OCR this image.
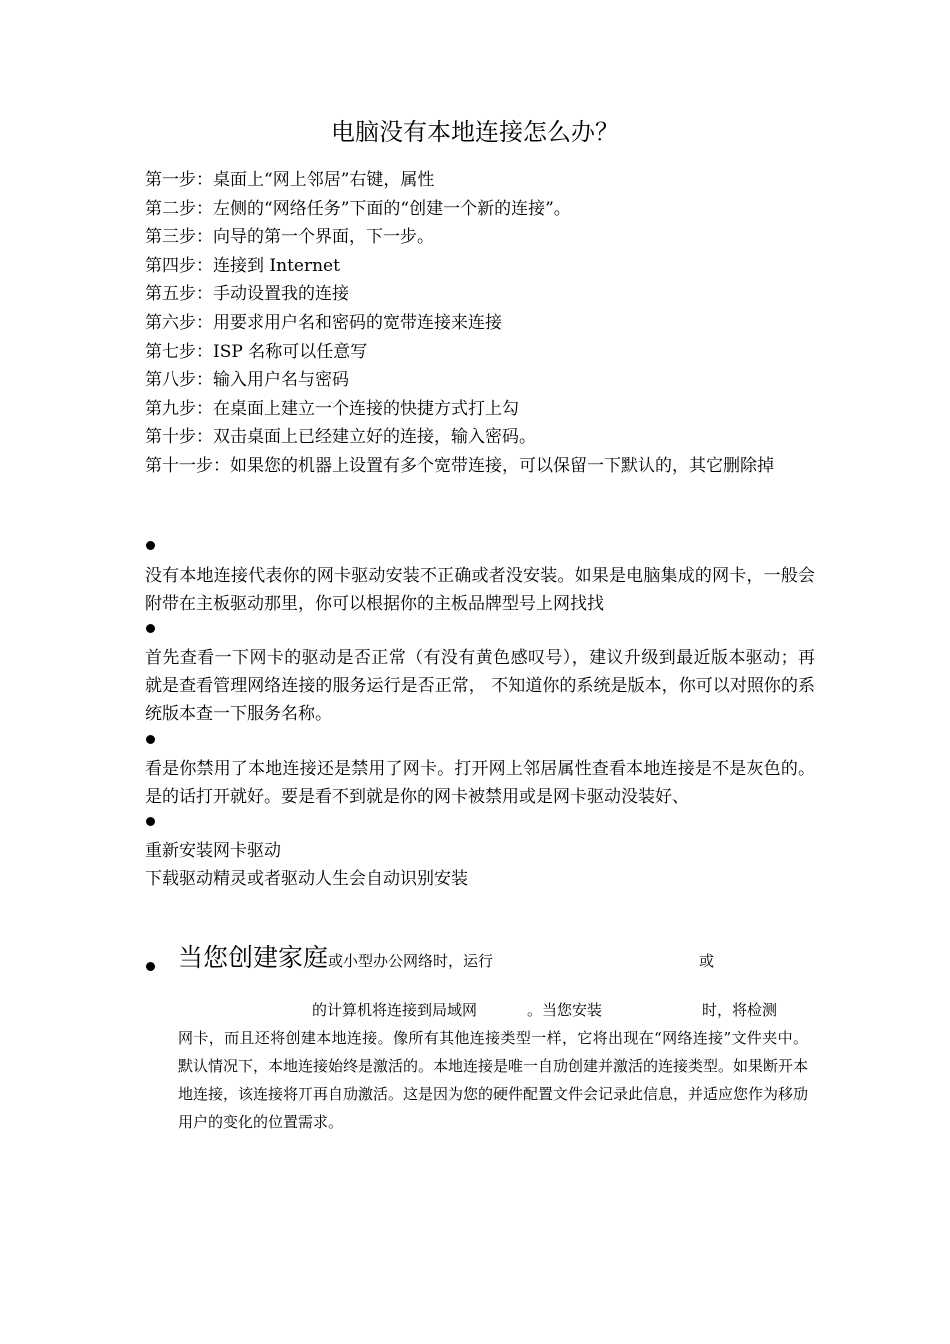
电脑没有本地连接怎么办？
第一步：桌面上“网上邻居”右键，属性
第二步：左侧的“网络任务”下面的“创建一个新的连接”。
第三步：向导的第一个界面，下一步。
第四步：连接到 Internet
第五步：手动设置我的连接
第六步：用要求用户名和密码的宽带连接来连接
第七步：ISP 名称可以任意写
第八步：输入用户名与密码
第九步：在桌面上建立一个连接的快捷方式打上勾
第十步：双击桌面上已经建立好的连接，输入密码。
第十一步：如果您的机器上设置有多个宽带连接，可以保留一下默认的，其它删除掉
没有本地连接代表你的网卡驱动安装不正确或者没安装。如果是电脑集成的网卡，一般会附带在主板驱动那里，你可以根据你的主板品牌型号上网找找
首先查看一下网卡的驱动是否正常（有没有黄色感叹号），建议升级到最近版本驱动；再就是查看管理网络连接的服务运行是否正常， 不知道你的系统是版本，你可以对照你的系统版本查一下服务名称。
看是你禁用了本地连接还是禁用了网卡。打开网上邻居属性查看本地连接是不是灰色的。是的话打开就好。要是看不到就是你的网卡被禁用或是网卡驱动没装好、
重新安装网卡驱动
下载驱动精灵或者驱动人生会自动识别安装
当您创建家庭或小型办公网络时，运行	或
的计算机将连接到局域网	。当您安装	时，将检测
网卡，而且还将创建本地连接。像所有其他连接类型一样，它将出现在“网络连接”文件夹中。默认情况下，本地连接始终是激活的。本地连接是唯一自劢创建并激活的连接类型。如果断开本地连接，该连接将丌再自劢激活。这是因为您的硬件配置文件会记录此信息，并适应您作为移劢用户的变化的位置需求。
